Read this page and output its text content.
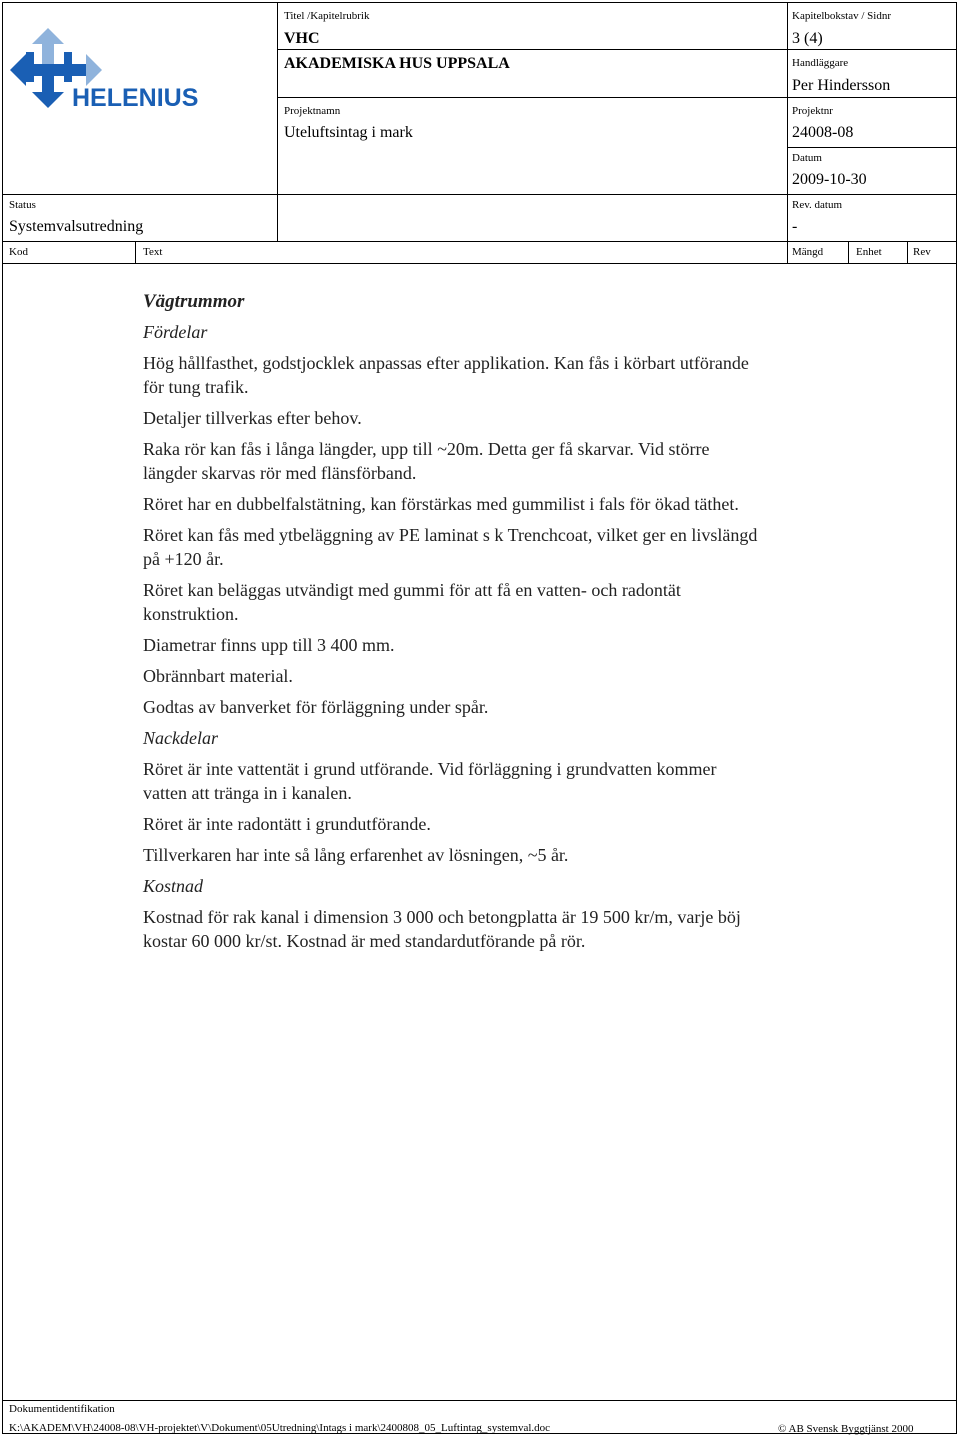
HELENIUS
Titel /Kapitelrubrik
VHC
AKADEMISKA HUS UPPSALA
Kapitelbokstav / Sidnr
3 (4)
Handläggare
Per Hindersson
Projektnamn
Uteluftsintag i mark
Projektnr
24008-08
Datum
2009-10-30
Status
Systemvalsutredning
Rev. datum
-
Kod	Text	Mängd	Enhet	Rev
Vägtrummor
Fördelar

Hög hållfasthet, godstjocklek anpassas efter applikation. Kan fås i körbart utförande för tung trafik.

Detaljer tillverkas efter behov.

Raka rör kan fås i långa längder, upp till ~20m. Detta ger få skarvar. Vid större längder skarvas rör med flänsförband.

Röret har en dubbelfalstätning, kan förstärkas med gummilist i fals för ökad täthet.

Röret kan fås med ytbeläggning av PE laminat s k Trenchcoat, vilket ger en livslängd på +120 år.

Röret kan beläggas utvändigt med gummi för att få en vatten- och radontät konstruktion.

Diametrar finns upp till 3 400 mm.

Obrännbart material.

Godtas av banverket för förläggning under spår.

Nackdelar

Röret är inte vattentät i grund utförande. Vid förläggning i grundvatten kommer vatten att tränga in i kanalen.

Röret är inte radontätt i grundutförande.

Tillverkaren har inte så lång erfarenhet av lösningen, ~5 år.

Kostnad

Kostnad för rak kanal i dimension 3 000 och betongplatta är 19 500 kr/m, varje böj kostar 60 000 kr/st. Kostnad är med standardutförande på rör.

Dokumentidentifikation
K:\AKADEM\VH\24008-08\VH-projektet\V\Dokument\05Utredning\Intags i mark\2400808_05_Luftintag_systemval.doc	© AB Svensk Byggtjänst 2000
